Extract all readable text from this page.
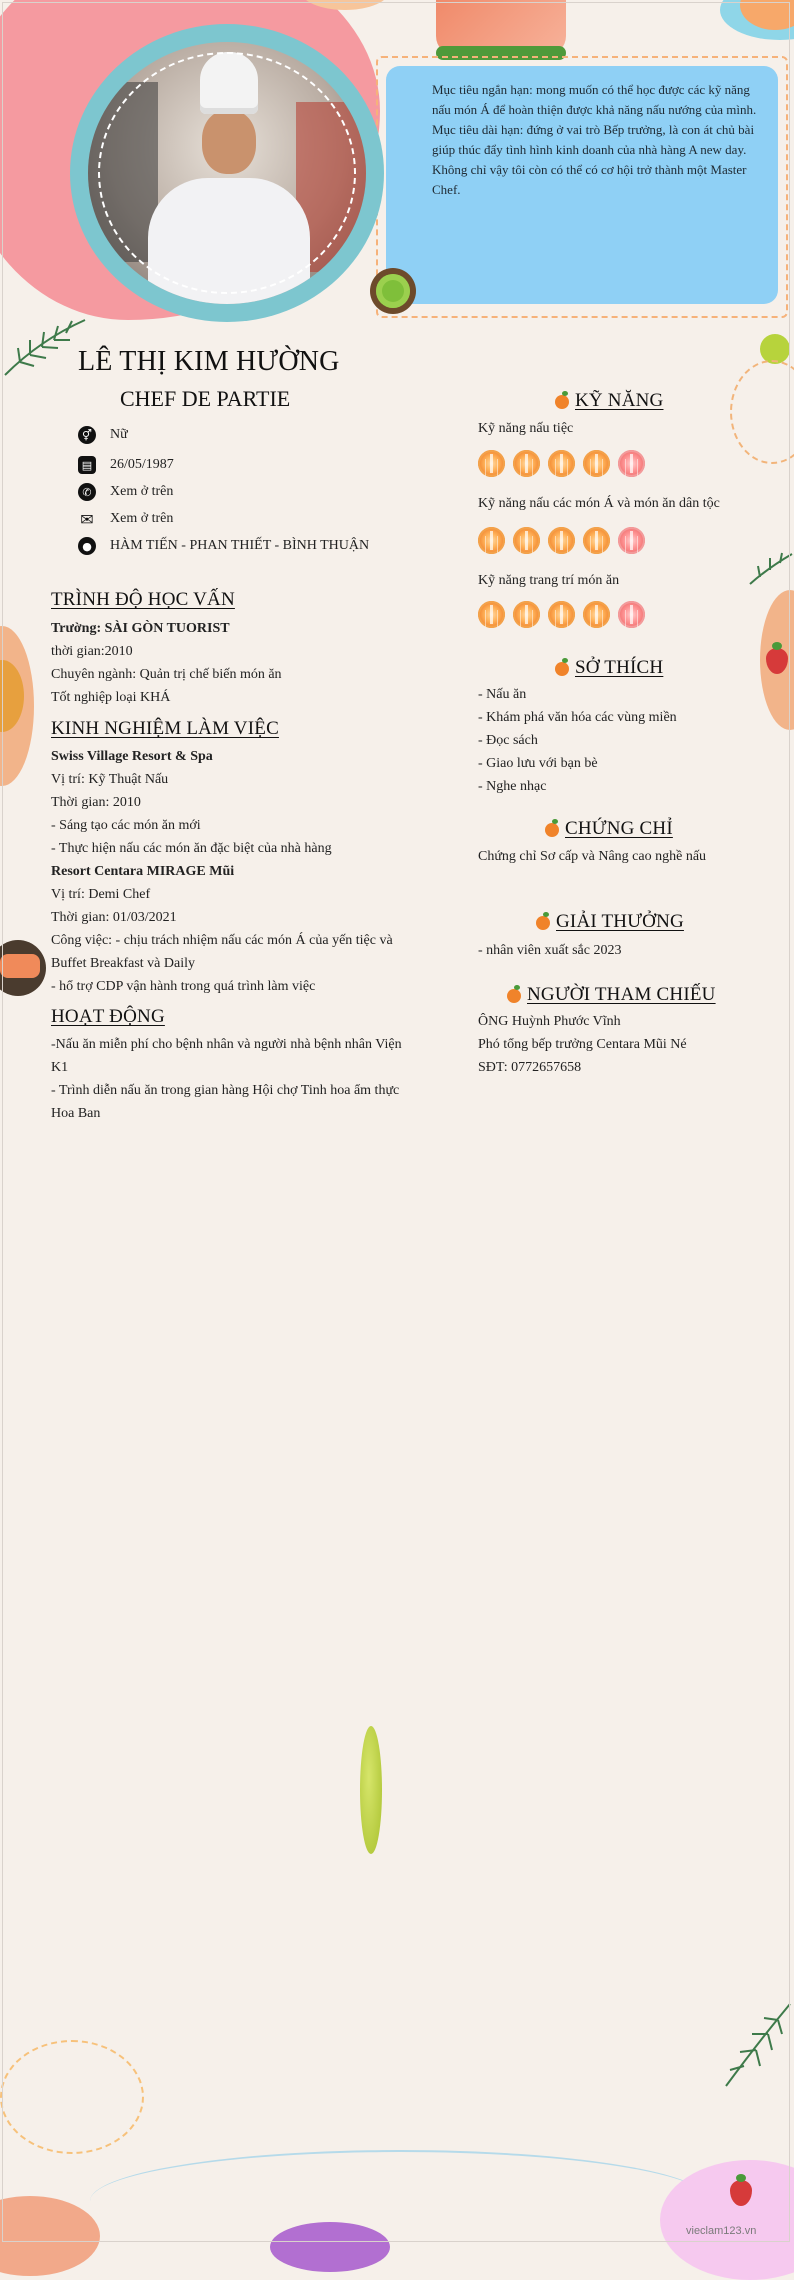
Mục tiêu ngắn hạn: mong muốn có thể học được các kỹ năng nấu món Á để hoàn thiện được khả năng nấu nướng của mình.
Mục tiêu dài hạn: đứng ở vai trò Bếp trưởng, là con át chủ bài giúp thúc đẩy tình hình kinh doanh của nhà hàng A new day. Không chỉ vậy tôi còn có thể có cơ hội trở thành một Master Chef.
LÊ THỊ KIM HƯỜNG
CHEF DE PARTIE
⚥ Nữ
▤ 26/05/1987
✆	Xem ở trên
✉ Xem ở trên
●	HÀM TIẾN - PHAN THIẾT - BÌNH THUẬN
TRÌNH ĐỘ HỌC VẤN
Trường: SÀI GÒN TUORIST
thời gian:2010
Chuyên ngành: Quản trị chế biến món ăn
Tốt nghiệp loại KHÁ
KINH NGHIỆM LÀM VIỆC
Swiss Village Resort & Spa
Vị trí: Kỹ Thuật Nấu
Thời gian: 2010
- Sáng tạo các món ăn mới
- Thực hiện nấu các món ăn đặc biệt của nhà hàng
Resort Centara MIRAGE Mũi
Vị trí: Demi Chef
Thời gian: 01/03/2021
Công việc: - chịu trách nhiệm nấu các món Á của yến tiệc và Buffet Breakfast và Daily
- hổ trợ CDP vận hành trong quá trình làm việc
HOẠT ĐỘNG
-Nấu ăn miễn phí cho bệnh nhân và người nhà bệnh nhân Viện K1
- Trình diễn nấu ăn trong gian hàng Hội chợ Tinh hoa ẩm thực Hoa Ban
KỸ NĂNG
Kỹ năng nấu tiệc
Kỹ năng nấu các món Á và món ăn dân tộc
Kỹ năng trang trí món ăn
SỞ THÍCH
- Nấu ăn
- Khám phá văn hóa các vùng miền
- Đọc sách
- Giao lưu với bạn bè
- Nghe nhạc
CHỨNG CHỈ
Chứng chỉ Sơ cấp và Nâng cao nghề nấu
GIẢI THƯỞNG
- nhân viên xuất sắc 2023
NGƯỜI THAM CHIẾU
ÔNG Huỳnh Phước Vĩnh
Phó tổng bếp trưởng Centara Mũi Né
SĐT: 0772657658
vieclam123.vn
